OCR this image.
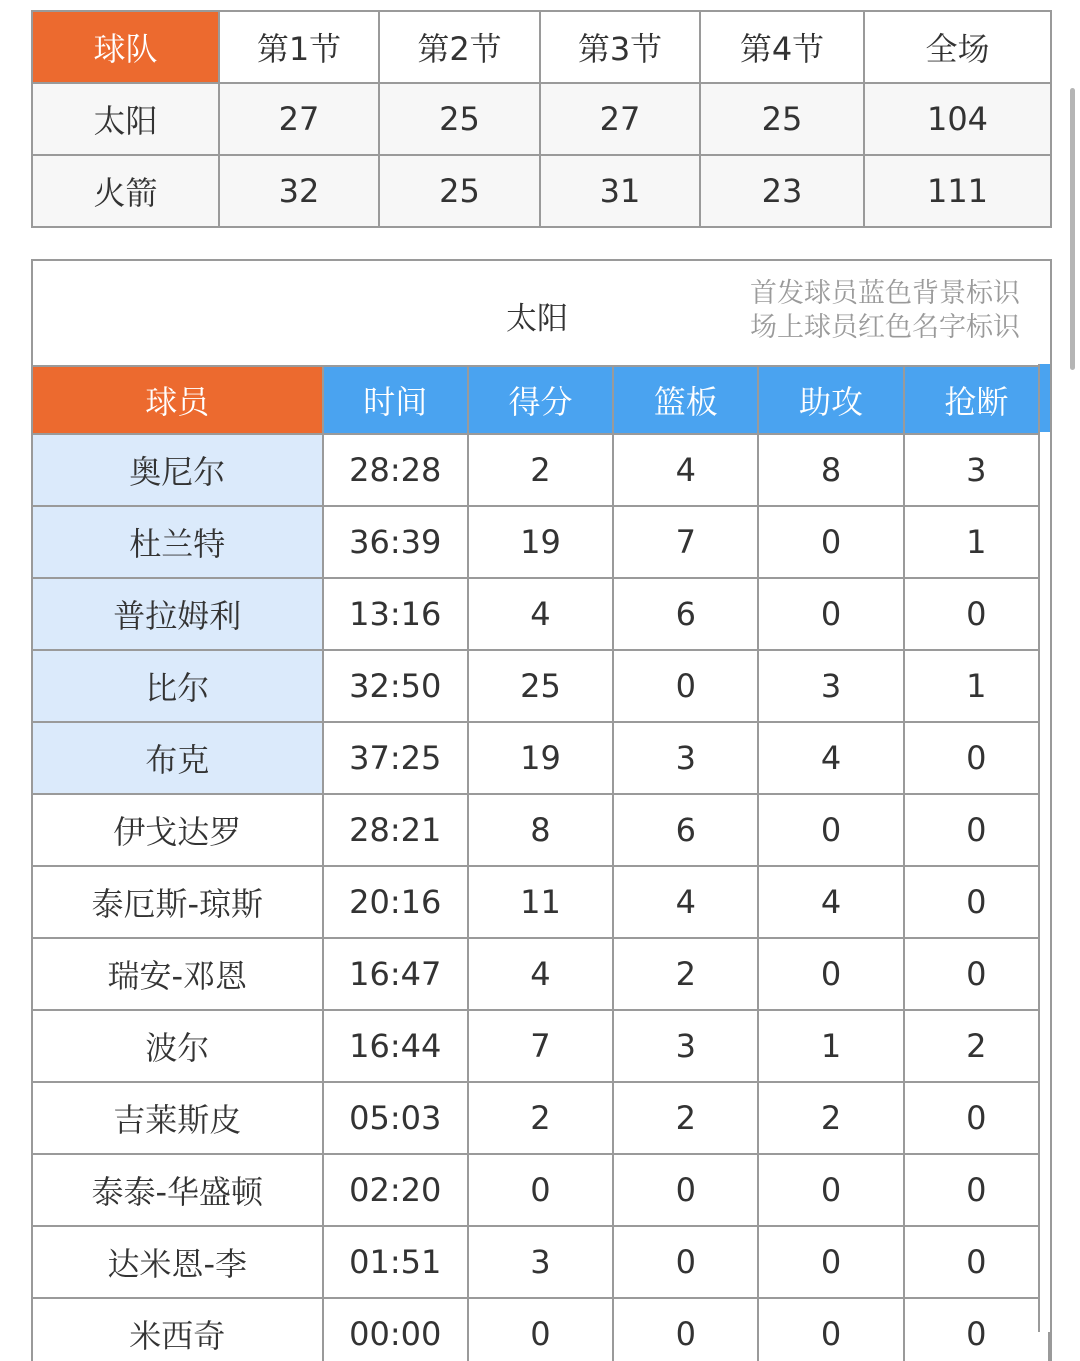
球队	第1节	第2节	第3节	第4节	全场
太阳	27	25	27	25	104
火箭	32	25	31	23	111
太阳
首发球员蓝色背景标识
场上球员红色名字标识
球员	时间	得分	篮板	助攻	抢断
奥尼尔	28:28	2	4	8	3
杜兰特	36:39	19	7	0	1
普拉姆利	13:16	4	6	0	0
比尔	32:50	25	0	3	1
布克	37:25	19	3	4	0
伊戈达罗	28:21	8	6	0	0
泰厄斯-琼斯	20:16	11	4	4	0
瑞安-邓恩	16:47	4	2	0	0
波尔	16:44	7	3	1	2
吉莱斯皮	05:03	2	2	2	0
泰泰-华盛顿	02:20	0	0	0	0
达米恩-李	01:51	3	0	0	0
米西奇	00:00	0	0	0	0
